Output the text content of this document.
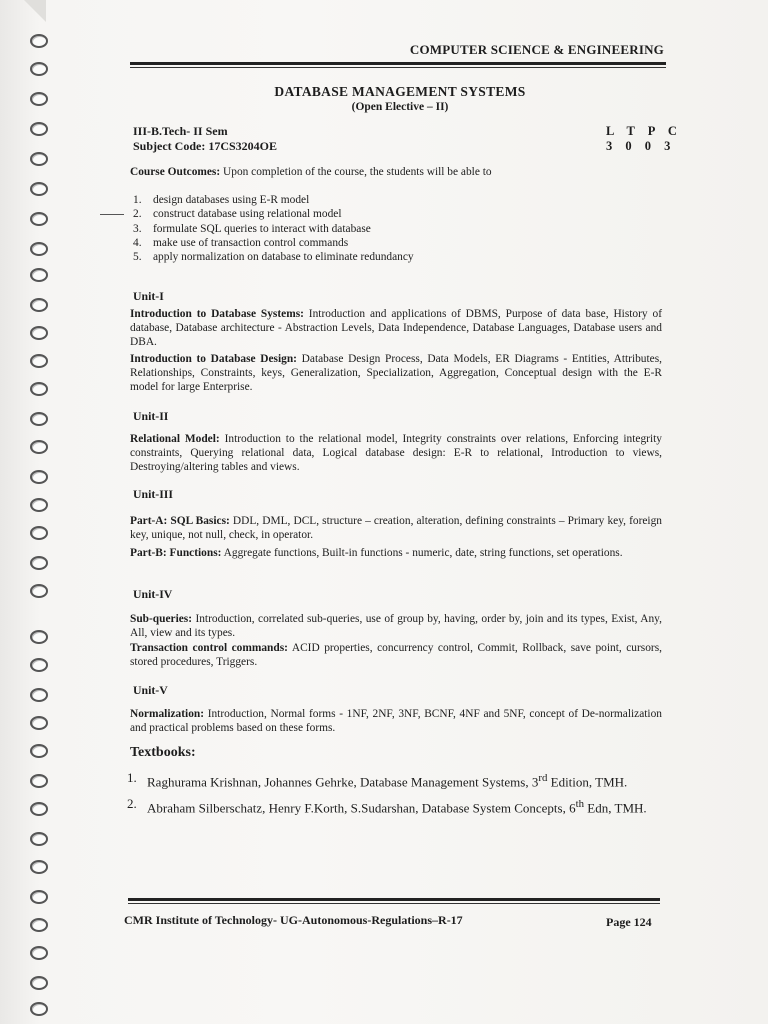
COMPUTER SCIENCE & ENGINEERING
DATABASE MANAGEMENT SYSTEMS
(Open Elective – II)
III-B.Tech- II Sem
Subject Code: 17CS3204OE
L T P C
3 0 0 3
Course Outcomes: Upon completion of the course, the students will be able to
1.	design databases using E-R model
2.	construct database using relational model
3.	formulate SQL queries to interact with database
4.	make use of transaction control commands
5.	apply normalization on database to eliminate redundancy
Unit-I
Introduction to Database Systems: Introduction and applications of DBMS, Purpose of data base, History of database, Database architecture - Abstraction Levels, Data Independence, Database Languages, Database users and DBA.
Introduction to Database Design: Database Design Process, Data Models, ER Diagrams - Entities, Attributes, Relationships, Constraints, keys, Generalization, Specialization, Aggregation, Conceptual design with the E-R model for large Enterprise.
Unit-II
Relational Model: Introduction to the relational model, Integrity constraints over relations, Enforcing integrity constraints, Querying relational data, Logical database design: E-R to relational, Introduction to views, Destroying/altering tables and views.
Unit-III
Part-A: SQL Basics: DDL, DML, DCL, structure – creation, alteration, defining constraints – Primary key, foreign key, unique, not null, check, in operator.
Part-B: Functions: Aggregate functions, Built-in functions - numeric, date, string functions, set operations.
Unit-IV
Sub-queries: Introduction, correlated sub-queries, use of group by, having, order by, join and its types, Exist, Any, All, view and its types.
Transaction control commands: ACID properties, concurrency control, Commit, Rollback, save point, cursors, stored procedures, Triggers.
Unit-V
Normalization: Introduction, Normal forms - 1NF, 2NF, 3NF, BCNF, 4NF and 5NF, concept of De-normalization and practical problems based on these forms.
Textbooks:
1. Raghurama Krishnan, Johannes Gehrke, Database Management Systems, 3rd Edition, TMH.
2. Abraham Silberschatz, Henry F.Korth, S.Sudarshan, Database System Concepts, 6th Edn, TMH.
CMR Institute of Technology- UG-Autonomous-Regulations–R-17	Page 124
